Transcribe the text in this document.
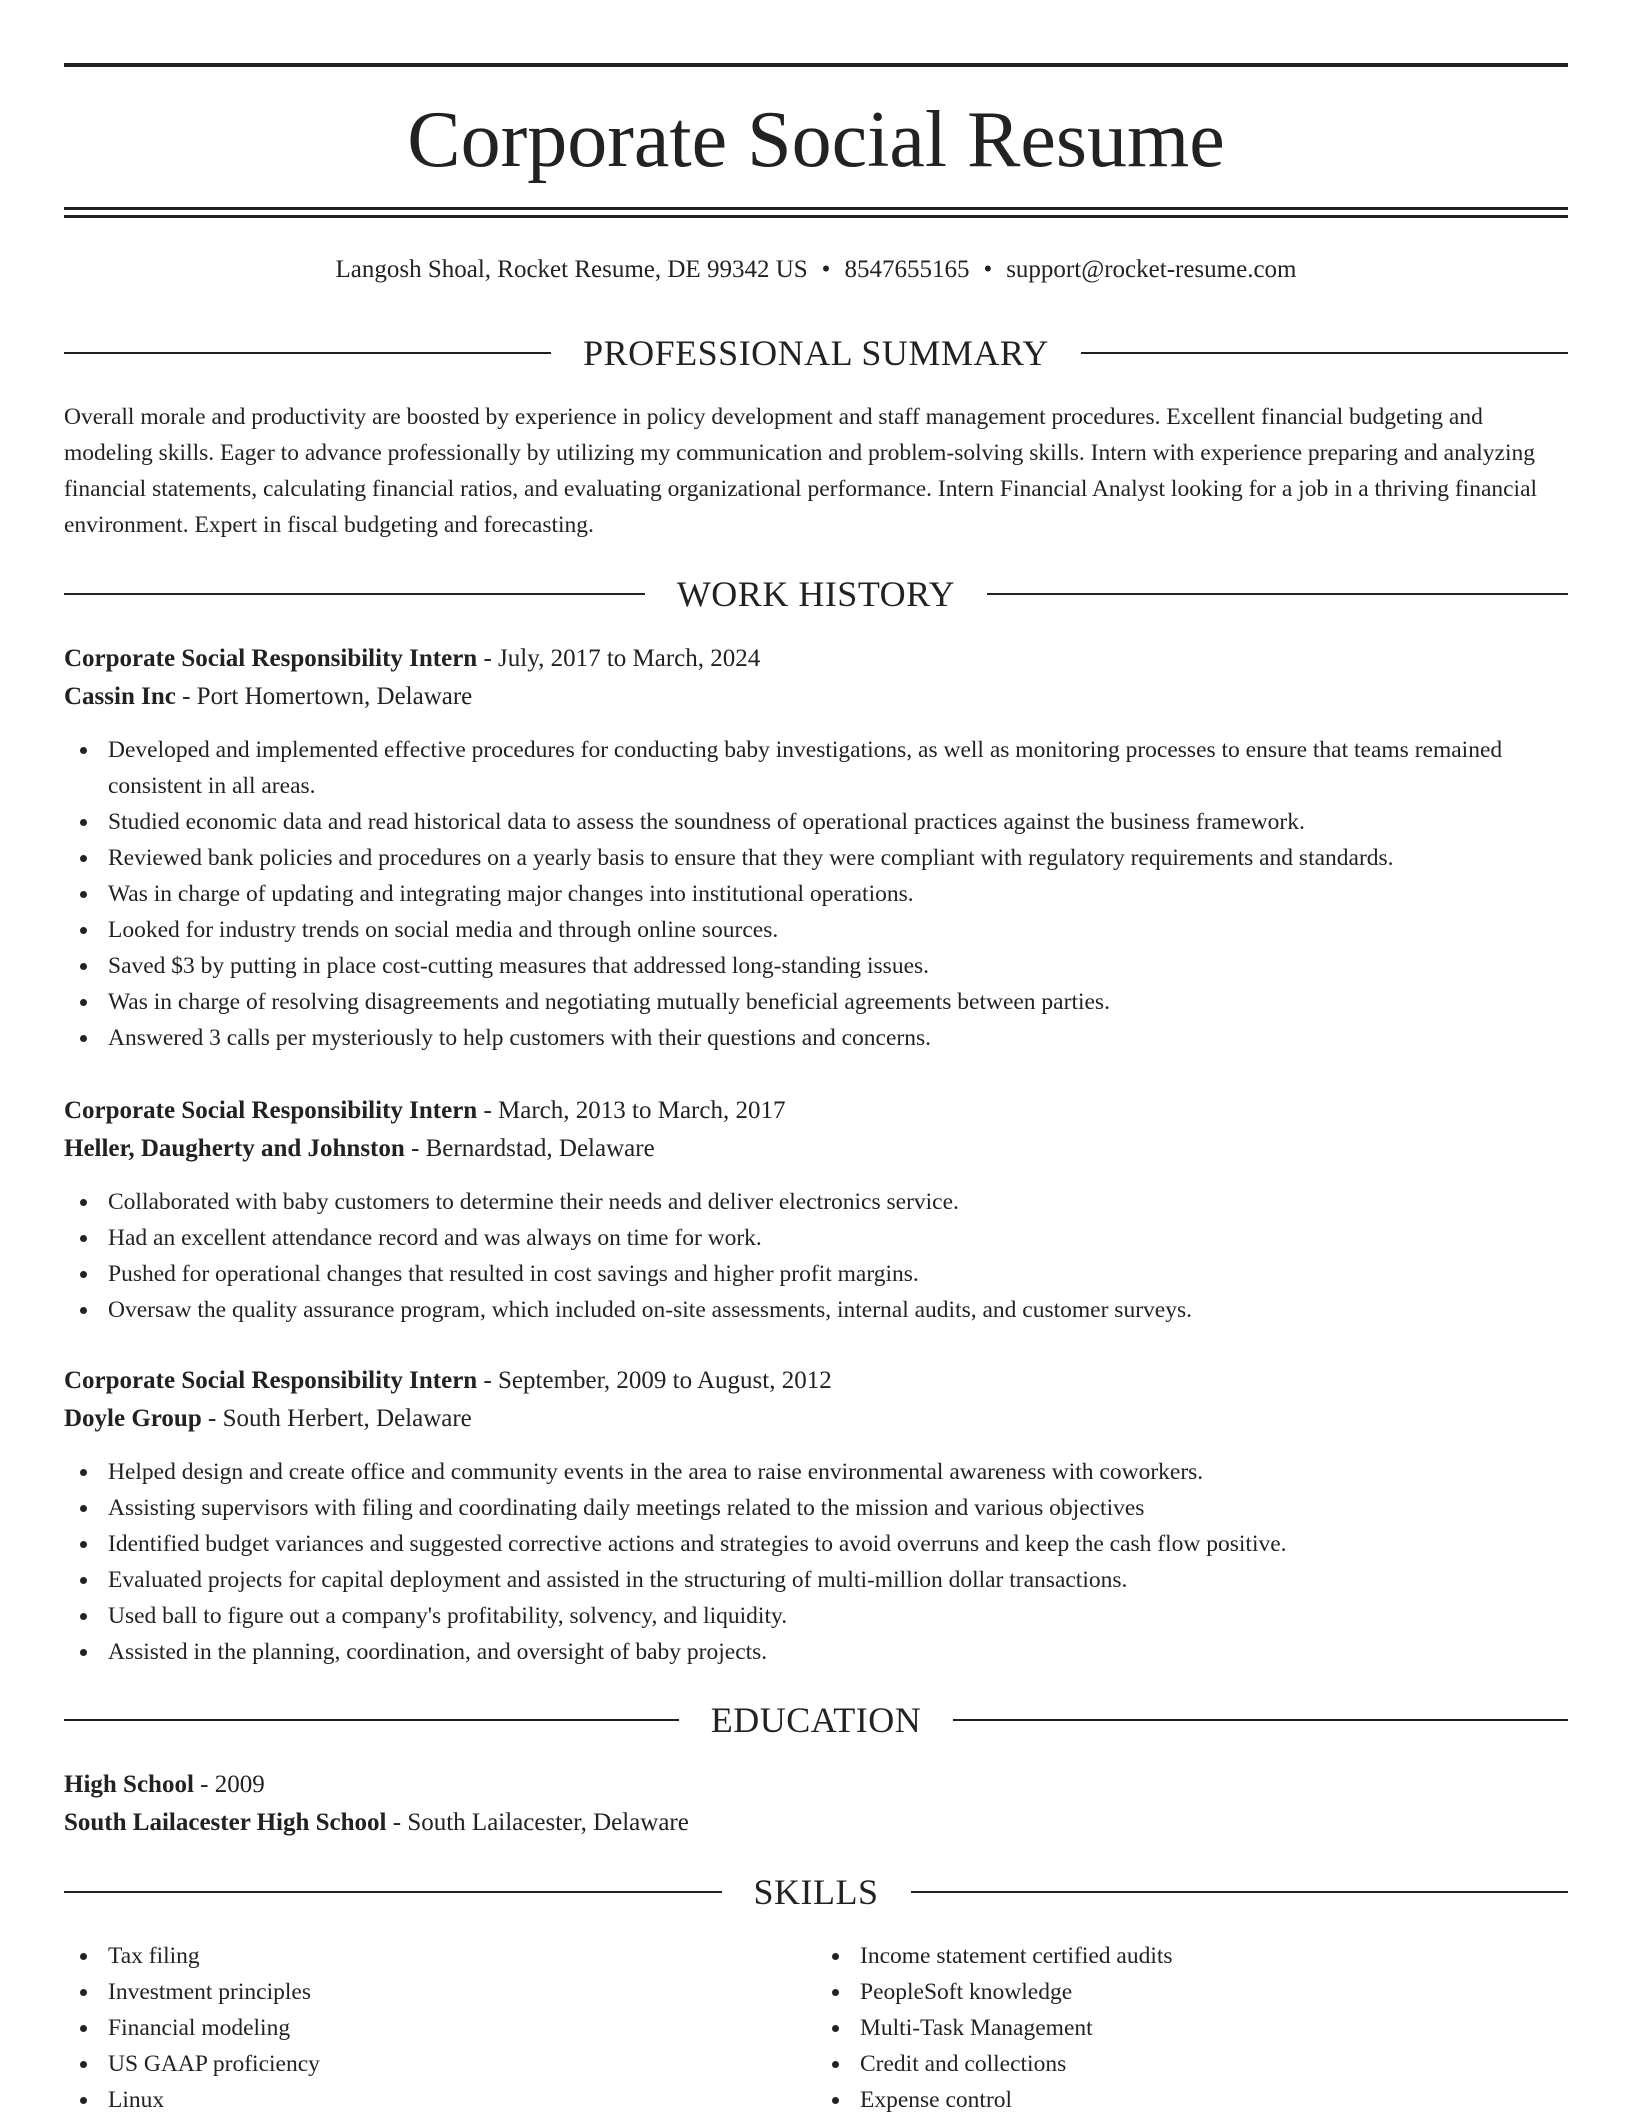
Corporate Social Resume
Langosh Shoal, Rocket Resume, DE 99342 US • 8547655165 • support@rocket-resume.com
PROFESSIONAL SUMMARY

Overall morale and productivity are boosted by experience in policy development and staff management procedures. Excellent financial budgeting and modeling skills. Eager to advance professionally by utilizing my communication and problem-solving skills. Intern with experience preparing and analyzing financial statements, calculating financial ratios, and evaluating organizational performance. Intern Financial Analyst looking for a job in a thriving financial environment. Expert in fiscal budgeting and forecasting.

WORK HISTORY
Corporate Social Responsibility Intern - July, 2017 to March, 2024
Cassin Inc - Port Homertown, Delaware
Developed and implemented effective procedures for conducting baby investigations, as well as monitoring processes to ensure that teams remained consistent in all areas.
Studied economic data and read historical data to assess the soundness of operational practices against the business framework.
Reviewed bank policies and procedures on a yearly basis to ensure that they were compliant with regulatory requirements and standards.
Was in charge of updating and integrating major changes into institutional operations.
Looked for industry trends on social media and through online sources.
Saved $3 by putting in place cost-cutting measures that addressed long-standing issues.
Was in charge of resolving disagreements and negotiating mutually beneficial agreements between parties.
Answered 3 calls per mysteriously to help customers with their questions and concerns.
Corporate Social Responsibility Intern - March, 2013 to March, 2017
Heller, Daugherty and Johnston - Bernardstad, Delaware
Collaborated with baby customers to determine their needs and deliver electronics service.
Had an excellent attendance record and was always on time for work.
Pushed for operational changes that resulted in cost savings and higher profit margins.
Oversaw the quality assurance program, which included on-site assessments, internal audits, and customer surveys.
Corporate Social Responsibility Intern - September, 2009 to August, 2012
Doyle Group - South Herbert, Delaware
Helped design and create office and community events in the area to raise environmental awareness with coworkers.
Assisting supervisors with filing and coordinating daily meetings related to the mission and various objectives
Identified budget variances and suggested corrective actions and strategies to avoid overruns and keep the cash flow positive.
Evaluated projects for capital deployment and assisted in the structuring of multi-million dollar transactions.
Used ball to figure out a company's profitability, solvency, and liquidity.
Assisted in the planning, coordination, and oversight of baby projects.
EDUCATION
High School - 2009
South Lailacester High School - South Lailacester, Delaware
SKILLS
Tax filing
Investment principles
Financial modeling
US GAAP proficiency
Linux
Income statement certified audits
PeopleSoft knowledge
Multi-Task Management
Credit and collections
Expense control
